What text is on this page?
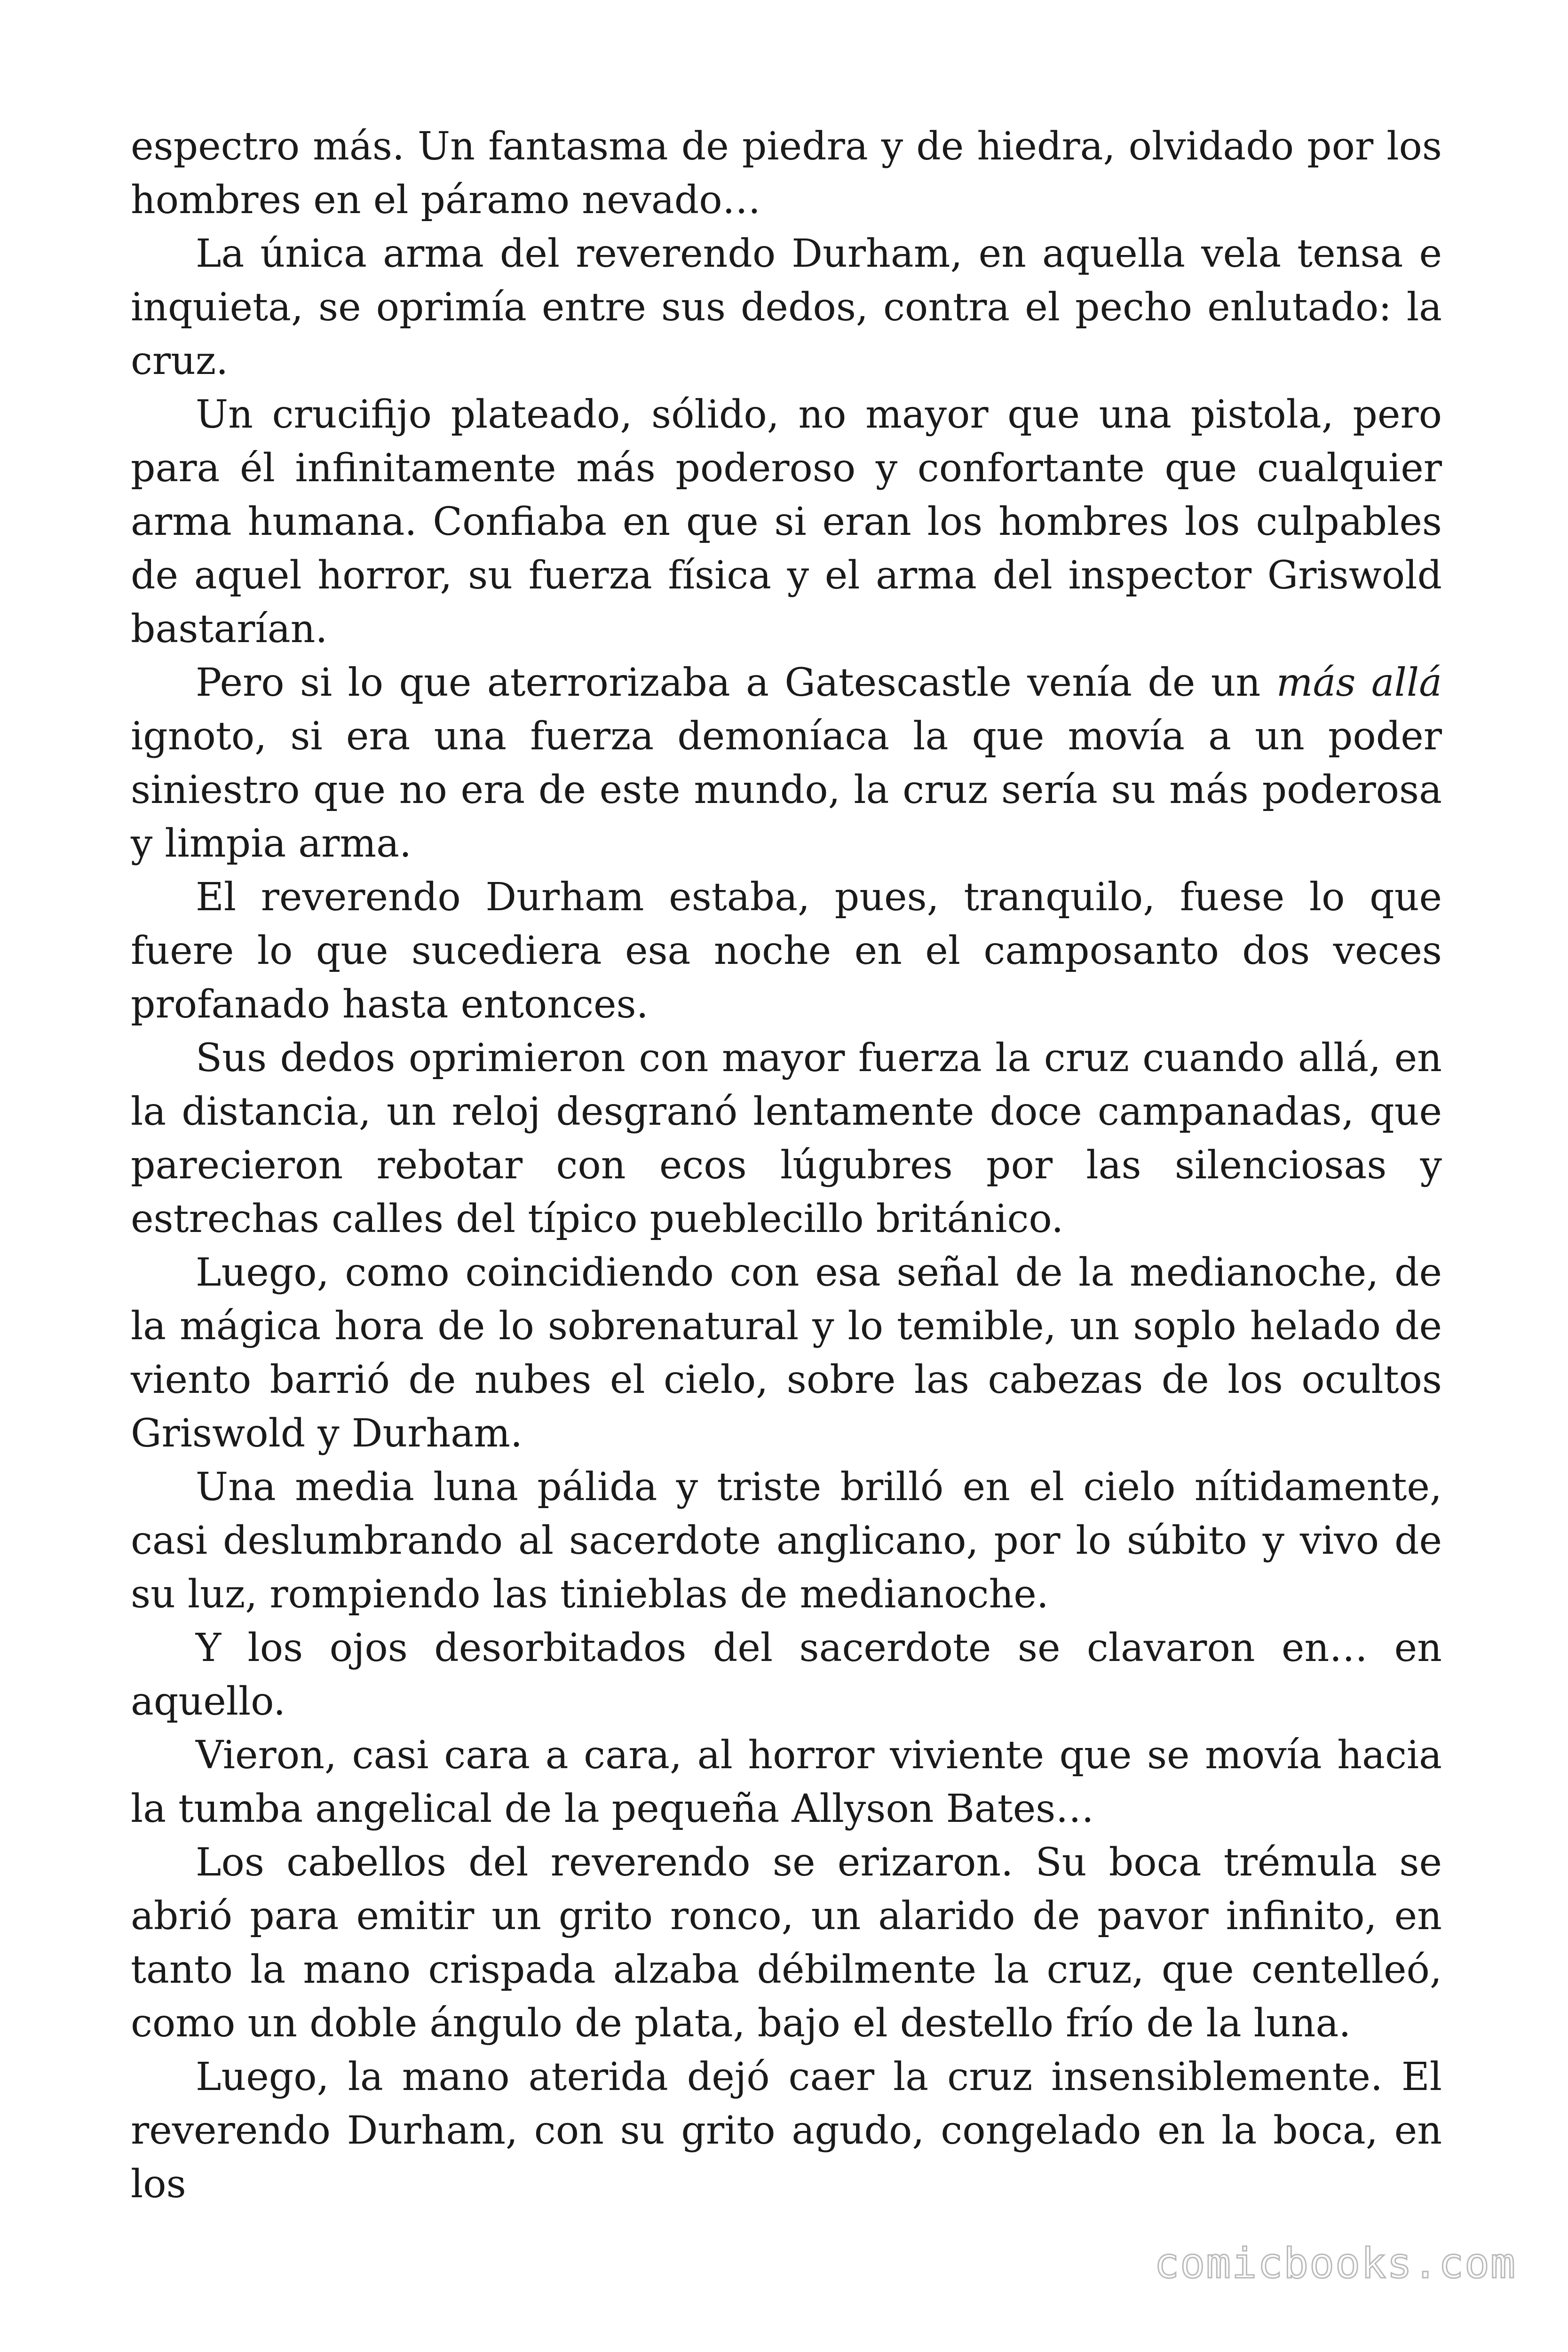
espectro más. Un fantasma de piedra y de hiedra, olvidado por los hombres en el páramo nevado…

La única arma del reverendo Durham, en aquella vela tensa e inquieta, se oprimía entre sus dedos, contra el pecho enlutado: la cruz.

Un crucifijo plateado, sólido, no mayor que una pistola, pero para él infinitamente más poderoso y confortante que cualquier arma humana. Confiaba en que si eran los hombres los culpables de aquel horror, su fuerza física y el arma del inspector Griswold bastarían.

Pero si lo que aterrorizaba a Gatescastle venía de un más allá ignoto, si era una fuerza demoníaca la que movía a un poder siniestro que no era de este mundo, la cruz sería su más poderosa y limpia arma.

El reverendo Durham estaba, pues, tranquilo, fuese lo que fuere lo que sucediera esa noche en el camposanto dos veces profanado hasta entonces.

Sus dedos oprimieron con mayor fuerza la cruz cuando allá, en la distancia, un reloj desgranó lentamente doce campanadas, que parecieron rebotar con ecos lúgubres por las silenciosas y estrechas calles del típico pueblecillo británico.

Luego, como coincidiendo con esa señal de la medianoche, de la mágica hora de lo sobrenatural y lo temible, un soplo helado de viento barrió de nubes el cielo, sobre las cabezas de los ocultos Griswold y Durham.

Una media luna pálida y triste brilló en el cielo nítidamente, casi deslumbrando al sacerdote anglicano, por lo súbito y vivo de su luz, rompiendo las tinieblas de medianoche.

Y los ojos desorbitados del sacerdote se clavaron en… en aquello.

Vieron, casi cara a cara, al horror viviente que se movía hacia la tumba angelical de la pequeña Allyson Bates…

Los cabellos del reverendo se erizaron. Su boca trémula se abrió para emitir un grito ronco, un alarido de pavor infinito, en tanto la mano crispada alzaba débilmente la cruz, que centelleó, como un doble ángulo de plata, bajo el destello frío de la luna.

Luego, la mano aterida dejó caer la cruz insensiblemente. El reverendo Durham, con su grito agudo, congelado en la boca, en los

comicbooks.com
